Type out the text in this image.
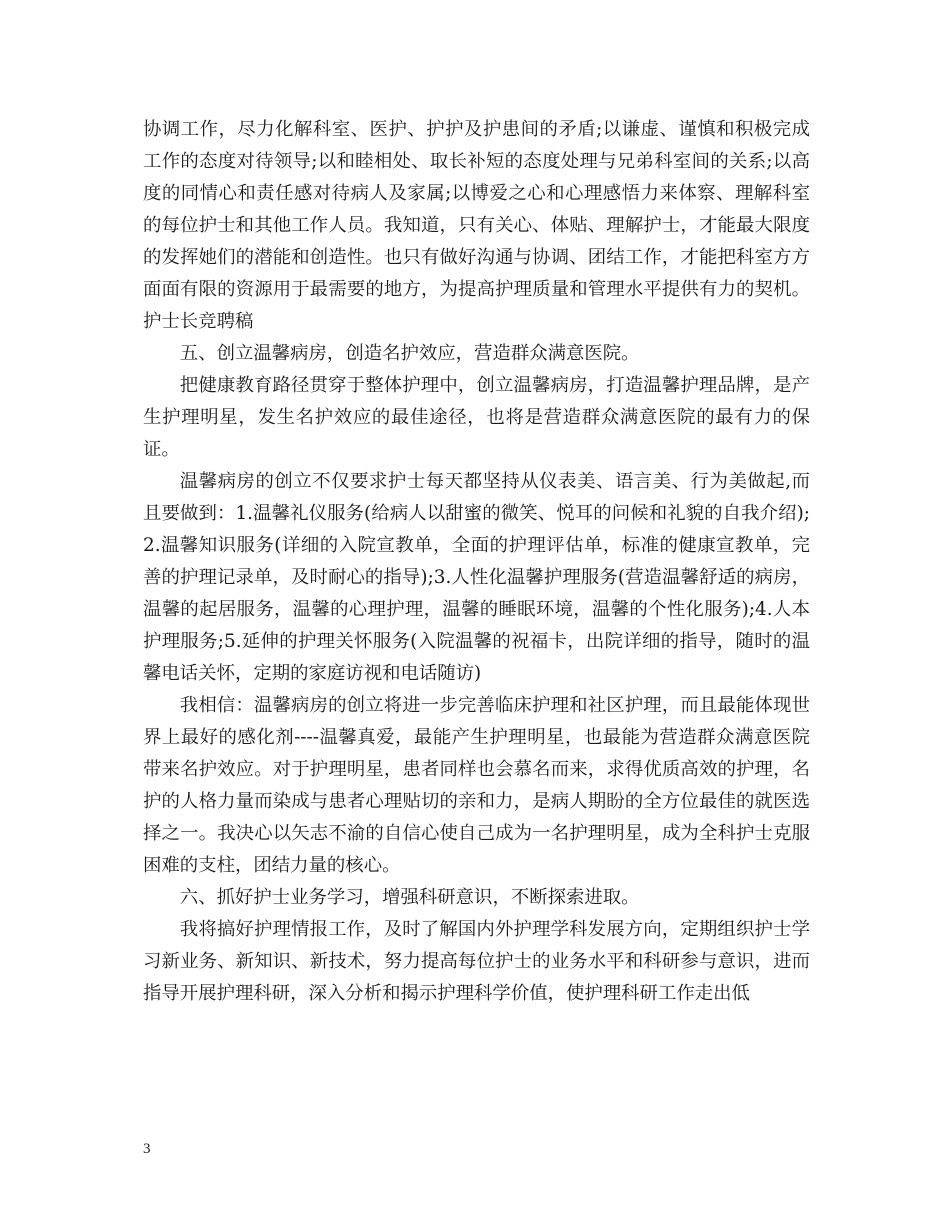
协调工作，尽力化解科室、医护、护护及护患间的矛盾;以谦虚、谨慎和积极完成工作的态度对待领导;以和睦相处、取长补短的态度处理与兄弟科室间的关系;以高度的同情心和责任感对待病人及家属;以博爱之心和心理感悟力来体察、理解科室的每位护士和其他工作人员。我知道，只有关心、体贴、理解护士，才能最大限度的发挥她们的潜能和创造性。也只有做好沟通与协调、团结工作，才能把科室方方面面有限的资源用于最需要的地方，为提高护理质量和管理水平提供有力的契机。护士长竞聘稿

五、创立温馨病房，创造名护效应，营造群众满意医院。

把健康教育路径贯穿于整体护理中，创立温馨病房，打造温馨护理品牌，是产生护理明星，发生名护效应的最佳途径，也将是营造群众满意医院的最有力的保证。

温馨病房的创立不仅要求护士每天都坚持从仪表美、语言美、行为美做起,而且要做到：1.温馨礼仪服务(给病人以甜蜜的微笑、悦耳的问候和礼貌的自我介绍);2.温馨知识服务(详细的入院宣教单，全面的护理评估单，标准的健康宣教单，完善的护理记录单，及时耐心的指导);3.人性化温馨护理服务(营造温馨舒适的病房，温馨的起居服务，温馨的心理护理，温馨的睡眠环境，温馨的个性化服务);4.人本护理服务;5.延伸的护理关怀服务(入院温馨的祝福卡，出院详细的指导，随时的温馨电话关怀，定期的家庭访视和电话随访)

我相信：温馨病房的创立将进一步完善临床护理和社区护理，而且最能体现世界上最好的感化剂----温馨真爱，最能产生护理明星，也最能为营造群众满意医院带来名护效应。对于护理明星，患者同样也会慕名而来，求得优质高效的护理，名护的人格力量而染成与患者心理贴切的亲和力，是病人期盼的全方位最佳的就医选择之一。我决心以矢志不渝的自信心使自己成为一名护理明星，成为全科护士克服困难的支柱，团结力量的核心。

六、抓好护士业务学习，增强科研意识，不断探索进取。

我将搞好护理情报工作，及时了解国内外护理学科发展方向，定期组织护士学习新业务、新知识、新技术，努力提高每位护士的业务水平和科研参与意识，进而指导开展护理科研，深入分析和揭示护理科学价值，使护理科研工作走出低

3
